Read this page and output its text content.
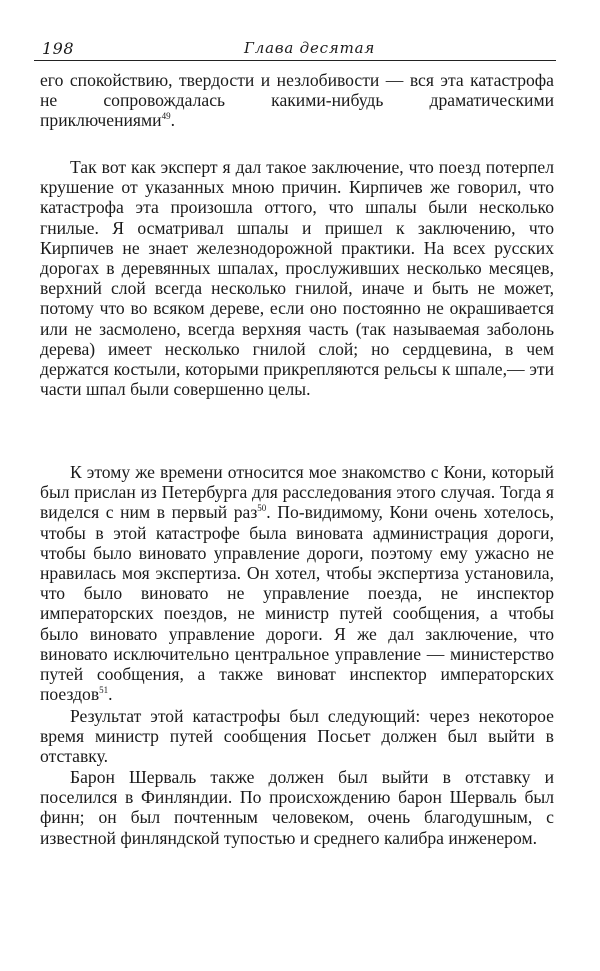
198	Глава десятая

его спокойствию, твердости и незлобивости — вся эта катастрофа не сопровождалась какими-нибудь драматическими приключениями$^{49}$.

Так вот как эксперт я дал такое заключение, что поезд потерпел крушение от указанных мною причин. Кирпичев же говорил, что катастрофа эта произошла оттого, что шпалы были несколько гнилые. Я осматривал шпалы и пришел к заключению, что Кирпичев не знает железнодорожной практики. На всех русских дорогах в деревянных шпалах, прослуживших несколько месяцев, верхний слой всегда несколько гнилой, иначе и быть не может, потому что во всяком дереве, если оно постоянно не окрашивается или не засмолено, всегда верхняя часть (так называемая заболонь дерева) имеет несколько гнилой слой; но сердцевина, в чем держатся костыли, которыми прикрепляются рельсы к шпале,— эти части шпал были совершенно целы.

К этому же времени относится мое знакомство с Кони, который был прислан из Петербурга для расследования этого случая. Тогда я виделся с ним в первый раз$^{50}$. По-видимому, Кони очень хотелось, чтобы в этой катастрофе была виновата администрация дороги, чтобы было виновато управление дороги, поэтому ему ужасно не нравилась моя экспертиза. Он хотел, чтобы экспертиза установила, что было виновато не управление поезда, не инспектор императорских поездов, не министр путей сообщения, а чтобы было виновато управление дороги. Я же дал заключение, что виновато исключительно центральное управление — министерство путей сообщения, а также виноват инспектор императорских поездов$^{51}$.

Результат этой катастрофы был следующий: через некоторое время министр путей сообщения Посьет должен был выйти в отставку.

Барон Шерваль также должен был выйти в отставку и поселился в Финляндии. По происхождению барон Шерваль был финн; он был почтенным человеком, очень благодушным, с известной финляндской тупостью и среднего калибра инженером.
